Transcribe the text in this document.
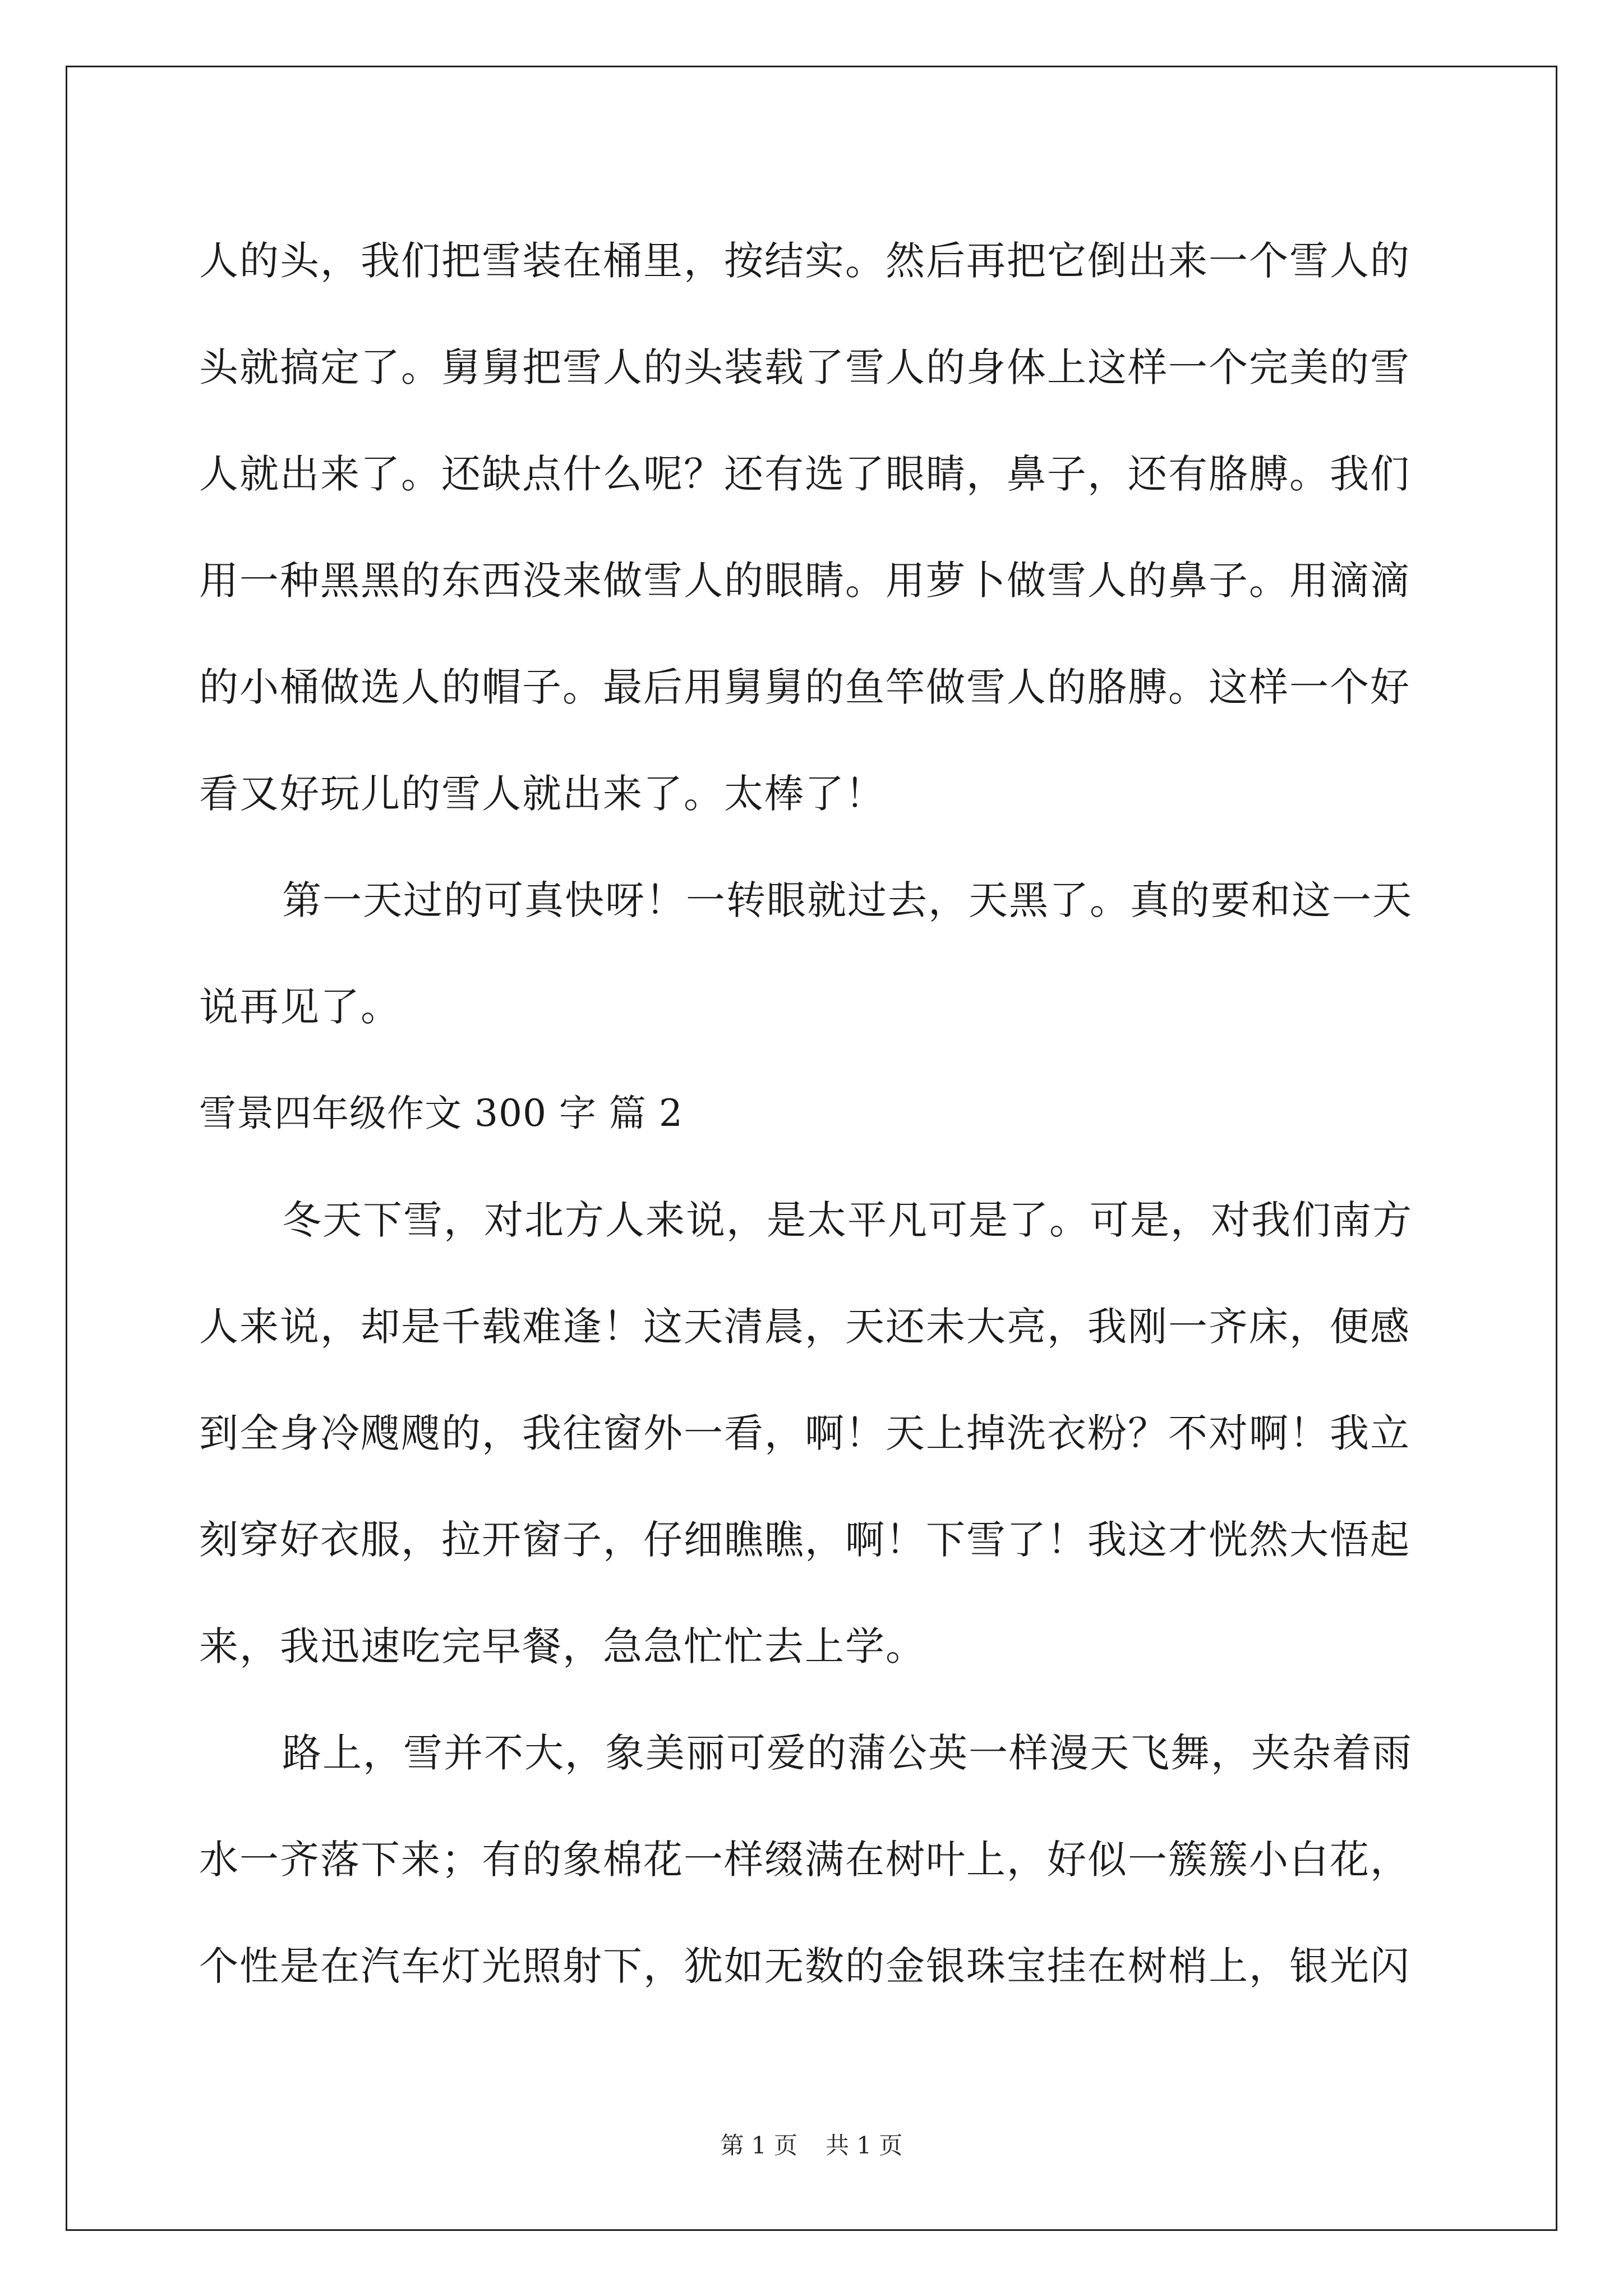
人的头，我们把雪装在桶里，按结实。然后再把它倒出来一个雪人的
头就搞定了。舅舅把雪人的头装载了雪人的身体上这样一个完美的雪
人就出来了。还缺点什么呢？还有选了眼睛，鼻子，还有胳膊。我们
用一种黑黑的东西没来做雪人的眼睛。用萝卜做雪人的鼻子。用滴滴
的小桶做选人的帽子。最后用舅舅的鱼竿做雪人的胳膊。这样一个好
看又好玩儿的雪人就出来了。太棒了！
第一天过的可真快呀！一转眼就过去，天黑了。真的要和这一天
说再见了。
雪景四年级作文 300 字 篇 2
冬天下雪，对北方人来说，是太平凡可是了。可是，对我们南方
人来说，却是千载难逢！这天清晨，天还未大亮，我刚一齐床，便感
到全身冷飕飕的，我往窗外一看，啊！天上掉洗衣粉？不对啊！我立
刻穿好衣服，拉开窗子，仔细瞧瞧，啊！下雪了！我这才恍然大悟起
来，我迅速吃完早餐，急急忙忙去上学。
路上，雪并不大，象美丽可爱的蒲公英一样漫天飞舞，夹杂着雨
水一齐落下来；有的象棉花一样缀满在树叶上，好似一簇簇小白花，
个性是在汽车灯光照射下，犹如无数的金银珠宝挂在树梢上，银光闪
第 1 页 共 1 页
